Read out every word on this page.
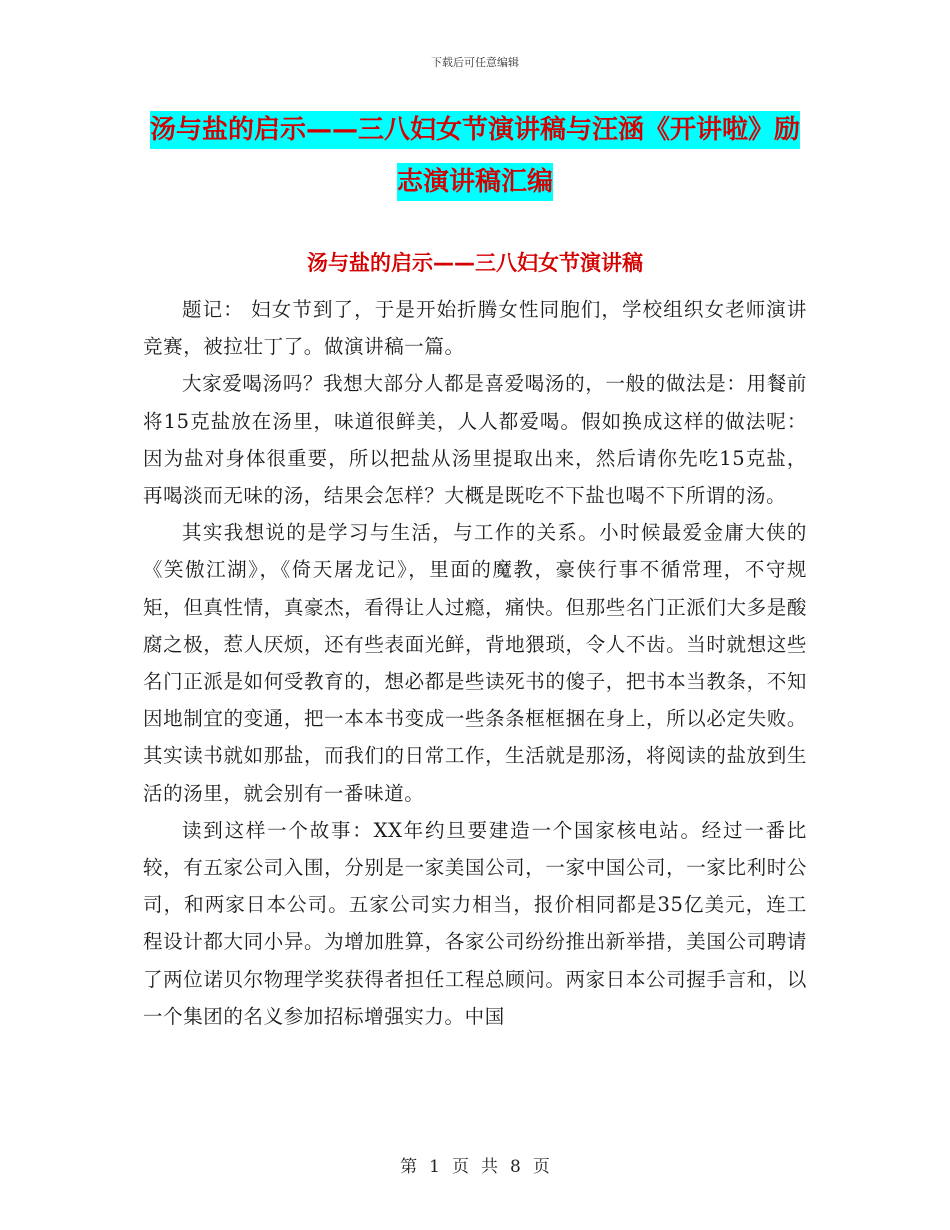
下载后可任意编辑
汤与盐的启示——三八妇女节演讲稿与汪涵《开讲啦》励志演讲稿汇编
汤与盐的启示——三八妇女节演讲稿

题记： 妇女节到了，于是开始折腾女性同胞们，学校组织女老师演讲竞赛，被拉壮丁了。做演讲稿一篇。

大家爱喝汤吗？我想大部分人都是喜爱喝汤的，一般的做法是：用餐前将15克盐放在汤里，味道很鲜美，人人都爱喝。假如换成这样的做法呢：因为盐对身体很重要，所以把盐从汤里提取出来，然后请你先吃15克盐，再喝淡而无味的汤，结果会怎样？大概是既吃不下盐也喝不下所谓的汤。

其实我想说的是学习与生活，与工作的关系。小时候最爱金庸大侠的《笑傲江湖》，《倚天屠龙记》，里面的魔教，豪侠行事不循常理，不守规矩，但真性情，真豪杰，看得让人过瘾，痛快。但那些名门正派们大多是酸腐之极，惹人厌烦，还有些表面光鲜，背地猥琐，令人不齿。当时就想这些名门正派是如何受教育的，想必都是些读死书的傻子，把书本当教条，不知因地制宜的变通，把一本本书变成一些条条框框捆在身上，所以必定失败。其实读书就如那盐，而我们的日常工作，生活就是那汤，将阅读的盐放到生活的汤里，就会别有一番味道。

读到这样一个故事：XX年约旦要建造一个国家核电站。经过一番比较，有五家公司入围，分别是一家美国公司，一家中国公司，一家比利时公司，和两家日本公司。五家公司实力相当，报价相同都是35亿美元，连工程设计都大同小异。为增加胜算，各家公司纷纷推出新举措，美国公司聘请了两位诺贝尔物理学奖获得者担任工程总顾问。两家日本公司握手言和，以一个集团的名义参加招标增强实力。中国

第 1 页 共 8 页
